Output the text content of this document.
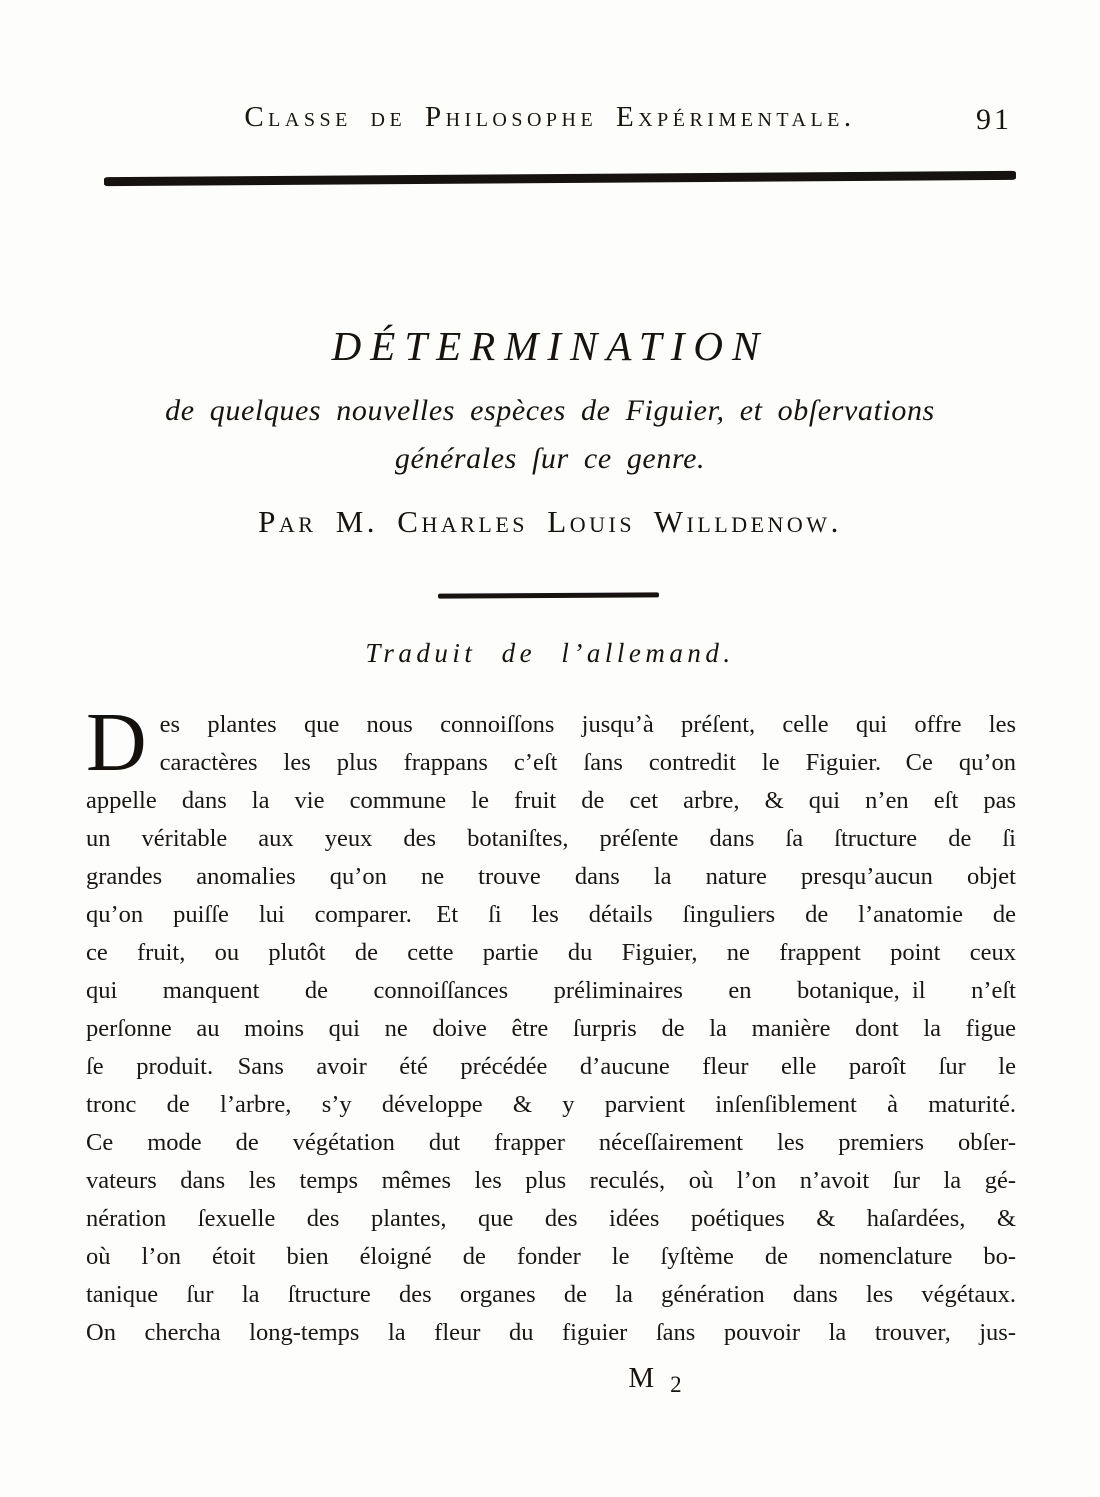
Classe de Philosophe Expérimentale.	91
DÉTERMINATION
de quelques nouvelles espèces de Figuier, et obſervations
générales ſur ce genre.
Par M. Charles Louis Willdenow.
Traduit de l’allemand.
D es plantes que nous connoiſſons jusqu’à préſent, celle qui offre les
caractères les plus frappans c’eſt ſans contredit le Figuier. Ce qu’on
appelle dans la vie commune le fruit de cet arbre, & qui n’en eſt pas
un véritable aux yeux des botaniſtes, préſente dans ſa ſtructure de ſi
grandes anomalies qu’on ne trouve dans la nature presqu’aucun objet
qu’on puiſſe lui comparer. Et ſi les détails ſinguliers de l’anatomie de
ce fruit, ou plutôt de cette partie du Figuier, ne frappent point ceux
qui manquent de connoiſſances préliminaires en botanique, il n’eſt
perſonne au moins qui ne doive être ſurpris de la manière dont la figue
ſe produit. Sans avoir été précédée d’aucune fleur elle paroît ſur le
tronc de l’arbre, s’y développe & y parvient inſenſiblement à maturité.
Ce mode de végétation dut frapper néceſſairement les premiers obſer-
vateurs dans les temps mêmes les plus reculés, où l’on n’avoit ſur la gé-
nération ſexuelle des plantes, que des idées poétiques & haſardées, &
où l’on étoit bien éloigné de fonder le ſyſtème de nomenclature bo-
tanique ſur la ſtructure des organes de la génération dans les végétaux.
On chercha long-temps la fleur du figuier ſans pouvoir la trouver, jus-
M 2
